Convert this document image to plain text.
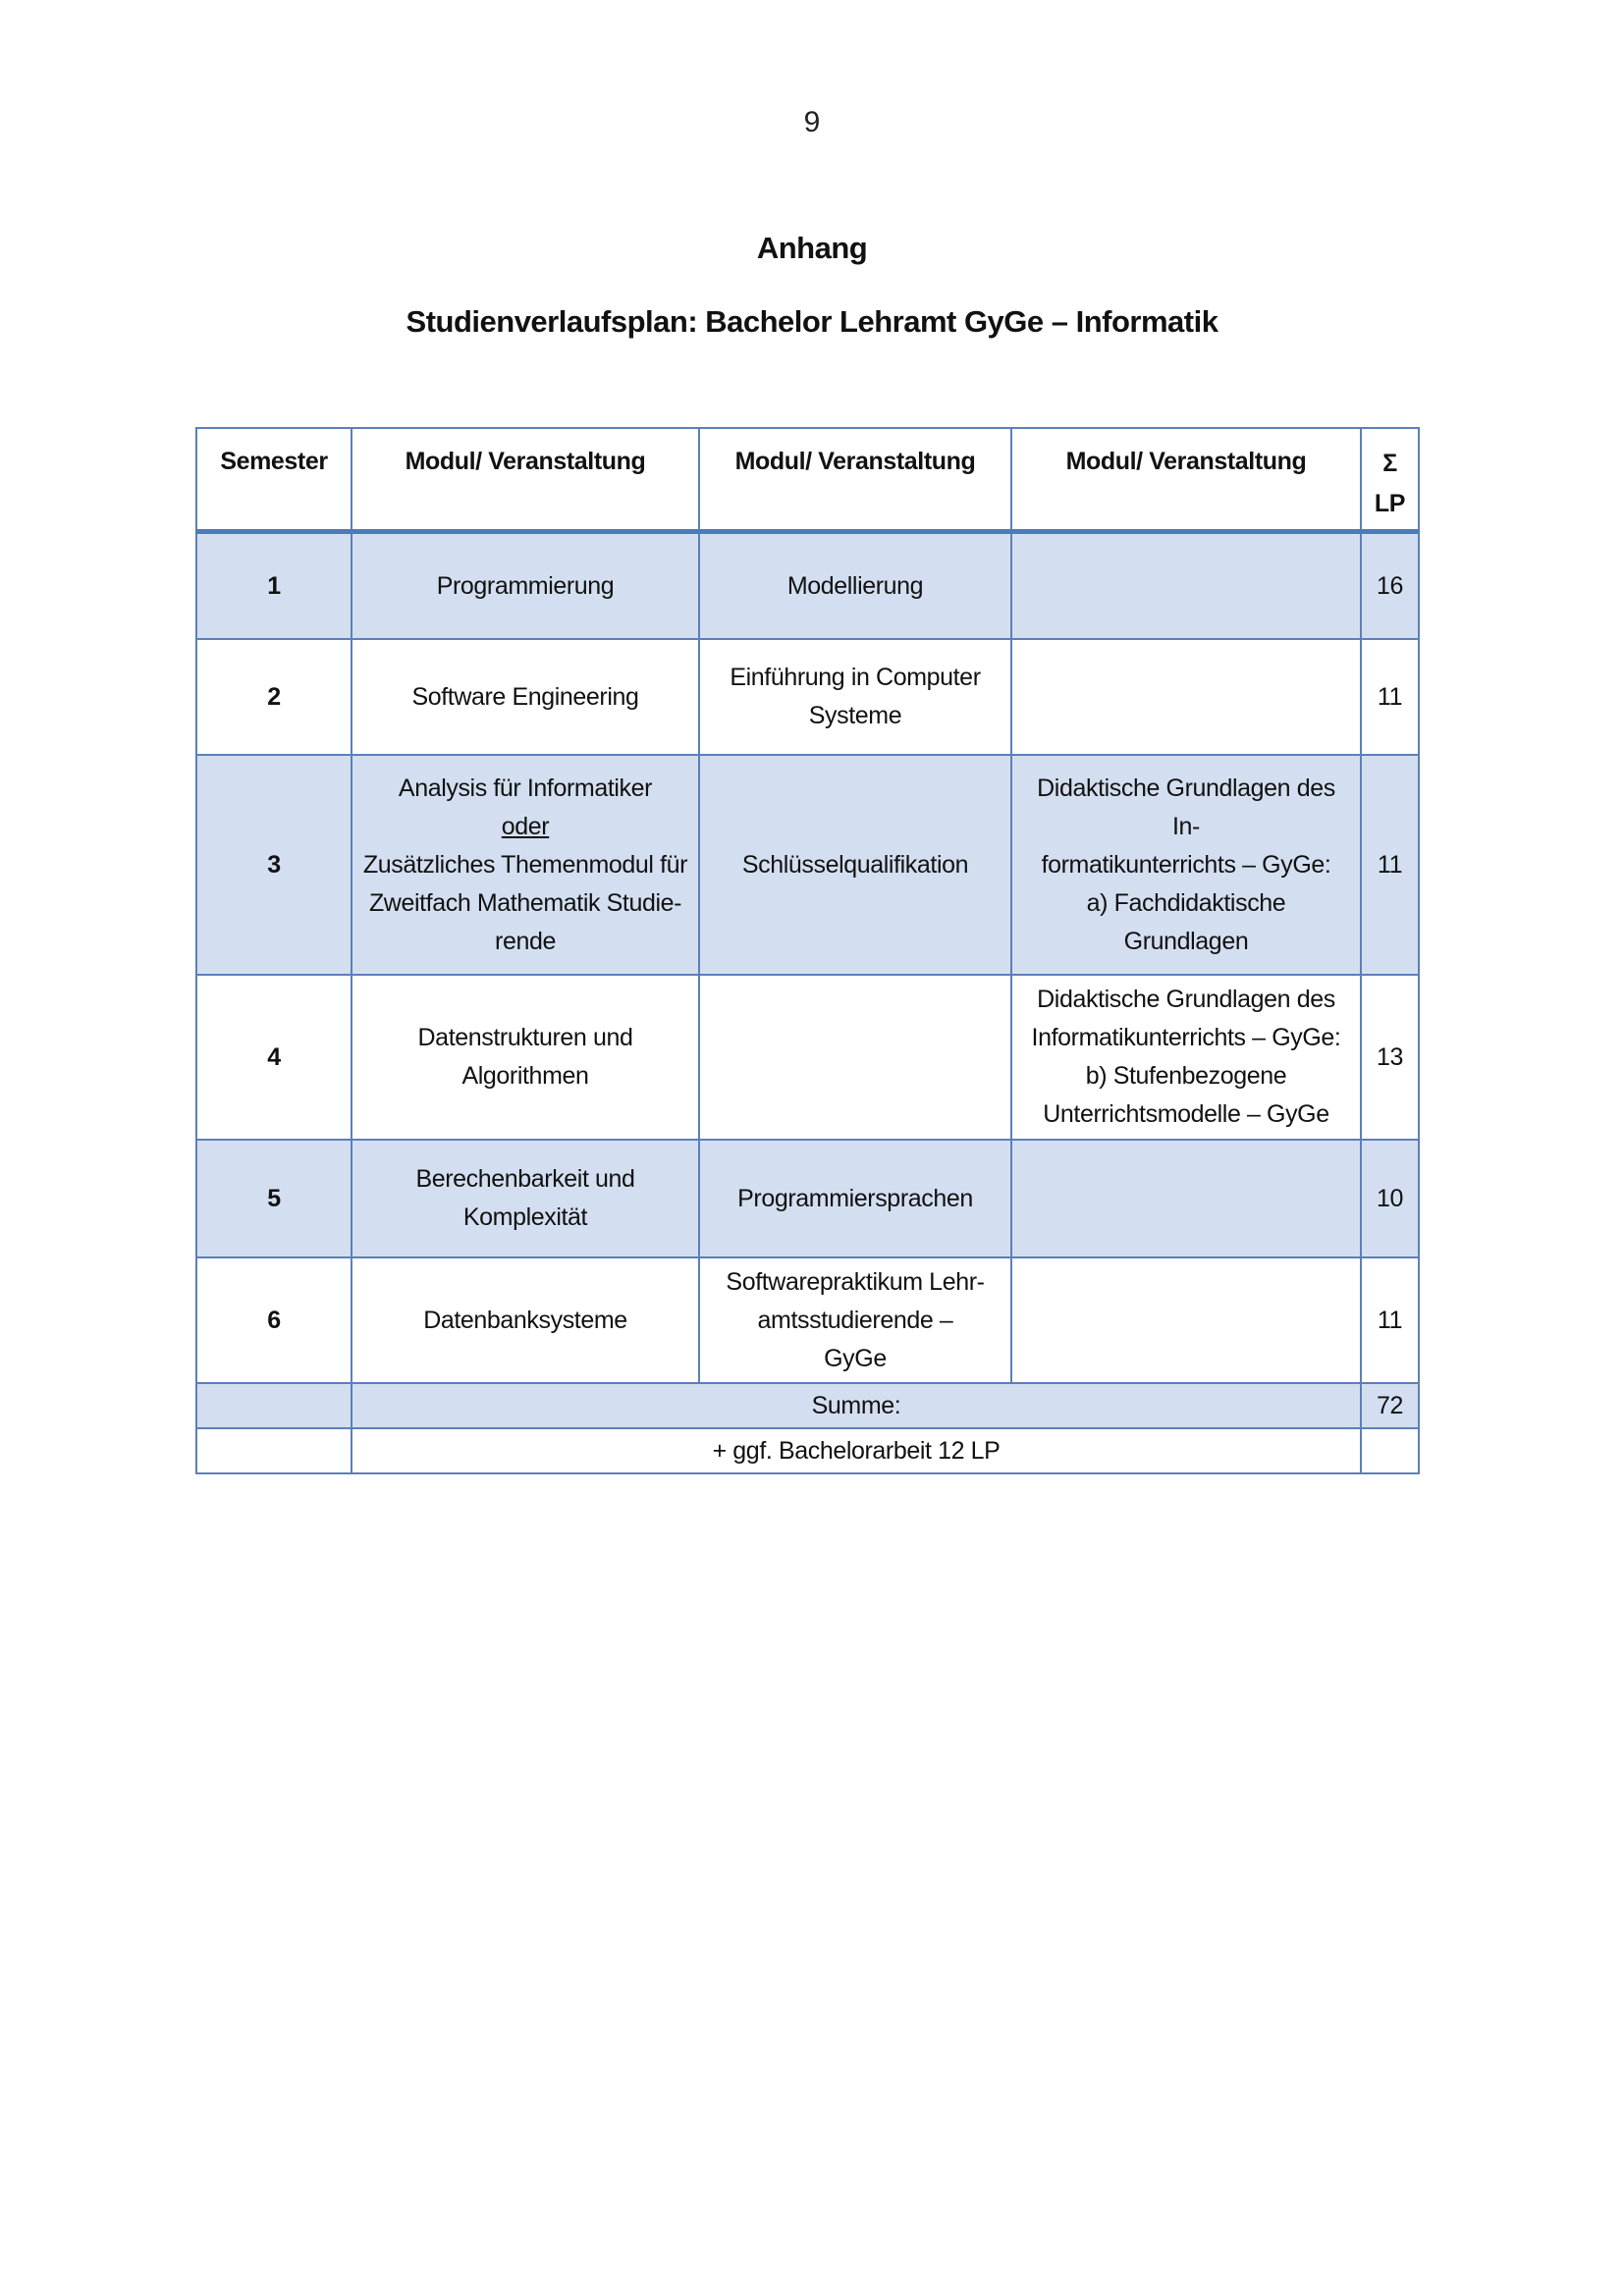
9
Anhang
Studienverlaufsplan: Bachelor Lehramt GyGe – Informatik
Semester	Modul/ Veranstaltung	Modul/ Veranstaltung	Modul/ Veranstaltung	Σ
LP

1	Programmierung	Modellierung		16
2	Software Engineering	Einführung in Computer
Systeme		11
3	Analysis für Informatiker
oder
Zusätzliches Themenmodul für
Zweitfach Mathematik Studie-
rende	Schlüsselqualifikation	Didaktische Grundlagen des In-
formatikunterrichts – GyGe:
a) Fachdidaktische Grundlagen	11
4	Datenstrukturen und
Algorithmen		Didaktische Grundlagen des
Informatikunterrichts – GyGe:
b) Stufenbezogene
Unterrichtsmodelle – GyGe	13
5	Berechenbarkeit und
Komplexität	Programmiersprachen		10
6	Datenbanksysteme	Softwarepraktikum Lehr-
amtsstudierende –
GyGe		11
	Summe:			72
	+ ggf. Bachelorarbeit 12 LP			
